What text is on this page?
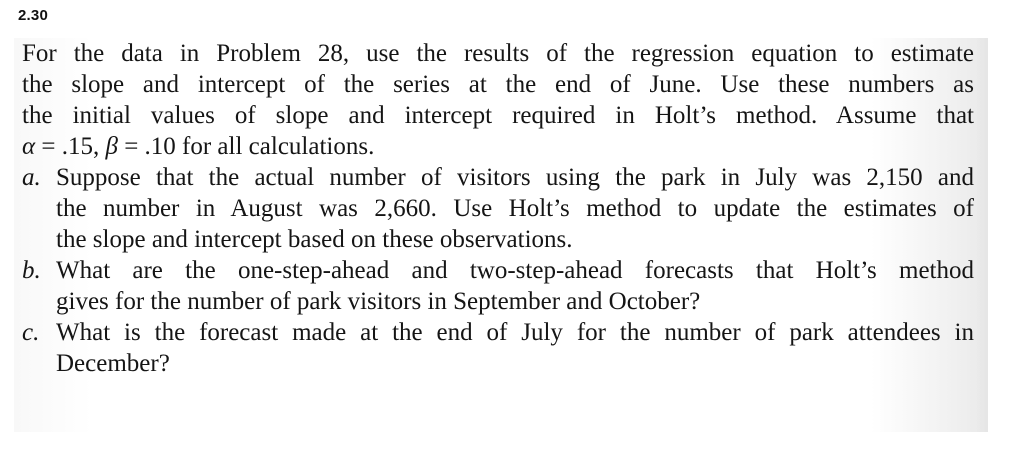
2.30
For the data in Problem 28, use the results of the regression equation to estimate
the slope and intercept of the series at the end of June. Use these numbers as
the initial values of slope and intercept required in Holt’s method. Assume that
α = .15, β = .10 for all calculations.
a. Suppose that the actual number of visitors using the park in July was 2,150 and
the number in August was 2,660. Use Holt’s method to update the estimates of
the slope and intercept based on these observations.
b. What are the one-step-ahead and two-step-ahead forecasts that Holt’s method
gives for the number of park visitors in September and October?
c. What is the forecast made at the end of July for the number of park attendees in
December?
